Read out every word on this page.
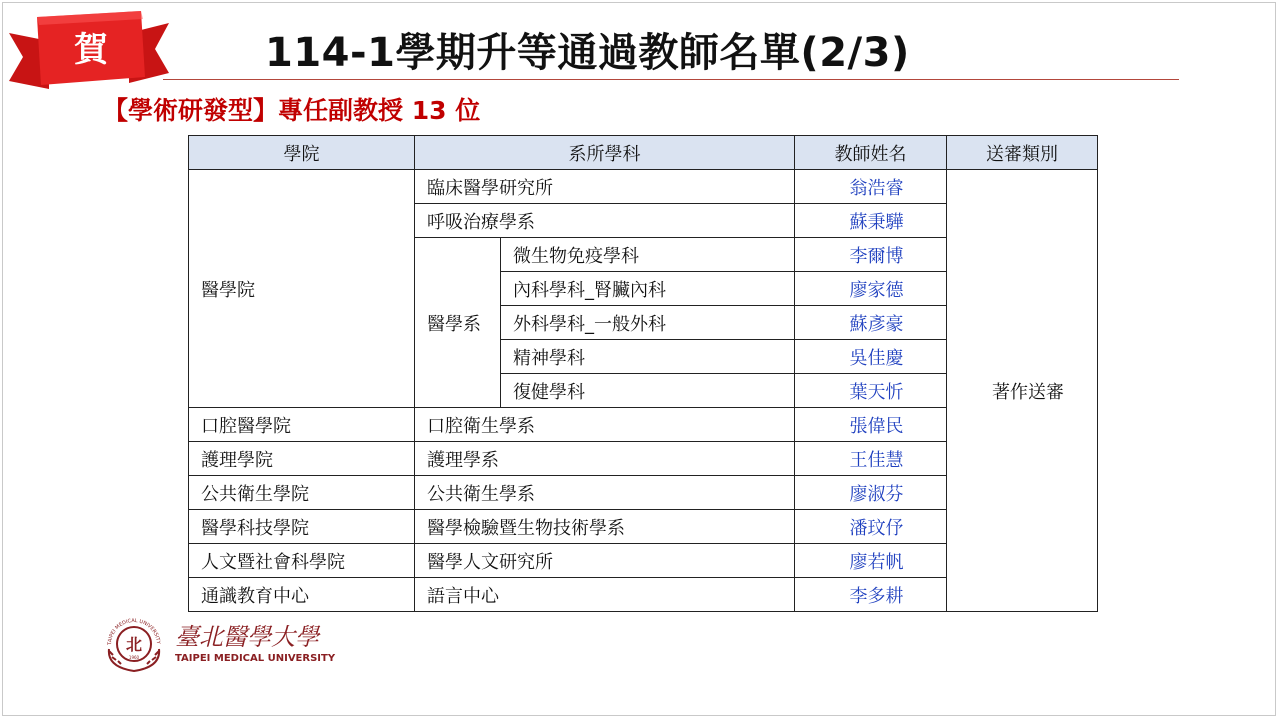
賀	114-1學期升等通過教師名單(2/3)
【學術研發型】專任副教授 13 位
學院	系所學科		教師姓名	送審類別
醫學院	臨床醫學研究所		翁浩睿	著作送審
	呼吸治療學系		蘇秉驊	
	醫學系	微生物免疫學科	李爾博	
		內科學科_腎臟內科	廖家德	
		外科學科_一般外科	蘇彥豪	
		精神學科	吳佳慶	
		復健學科	葉天忻	
口腔醫學院	口腔衛生學系		張偉民	
護理學院	護理學系		王佳慧	
公共衛生學院	公共衛生學系		廖淑芬	
醫學科技學院	醫學檢驗暨生物技術學系		潘玟伃	
人文暨社會科學院	醫學人文研究所		廖若帆	
通識教育中心	語言中心		李多耕	
TAIPEI MEDICAL UNIVERSITY
北
1960
臺北醫學大學
TAIPEI MEDICAL UNIVERSITY
